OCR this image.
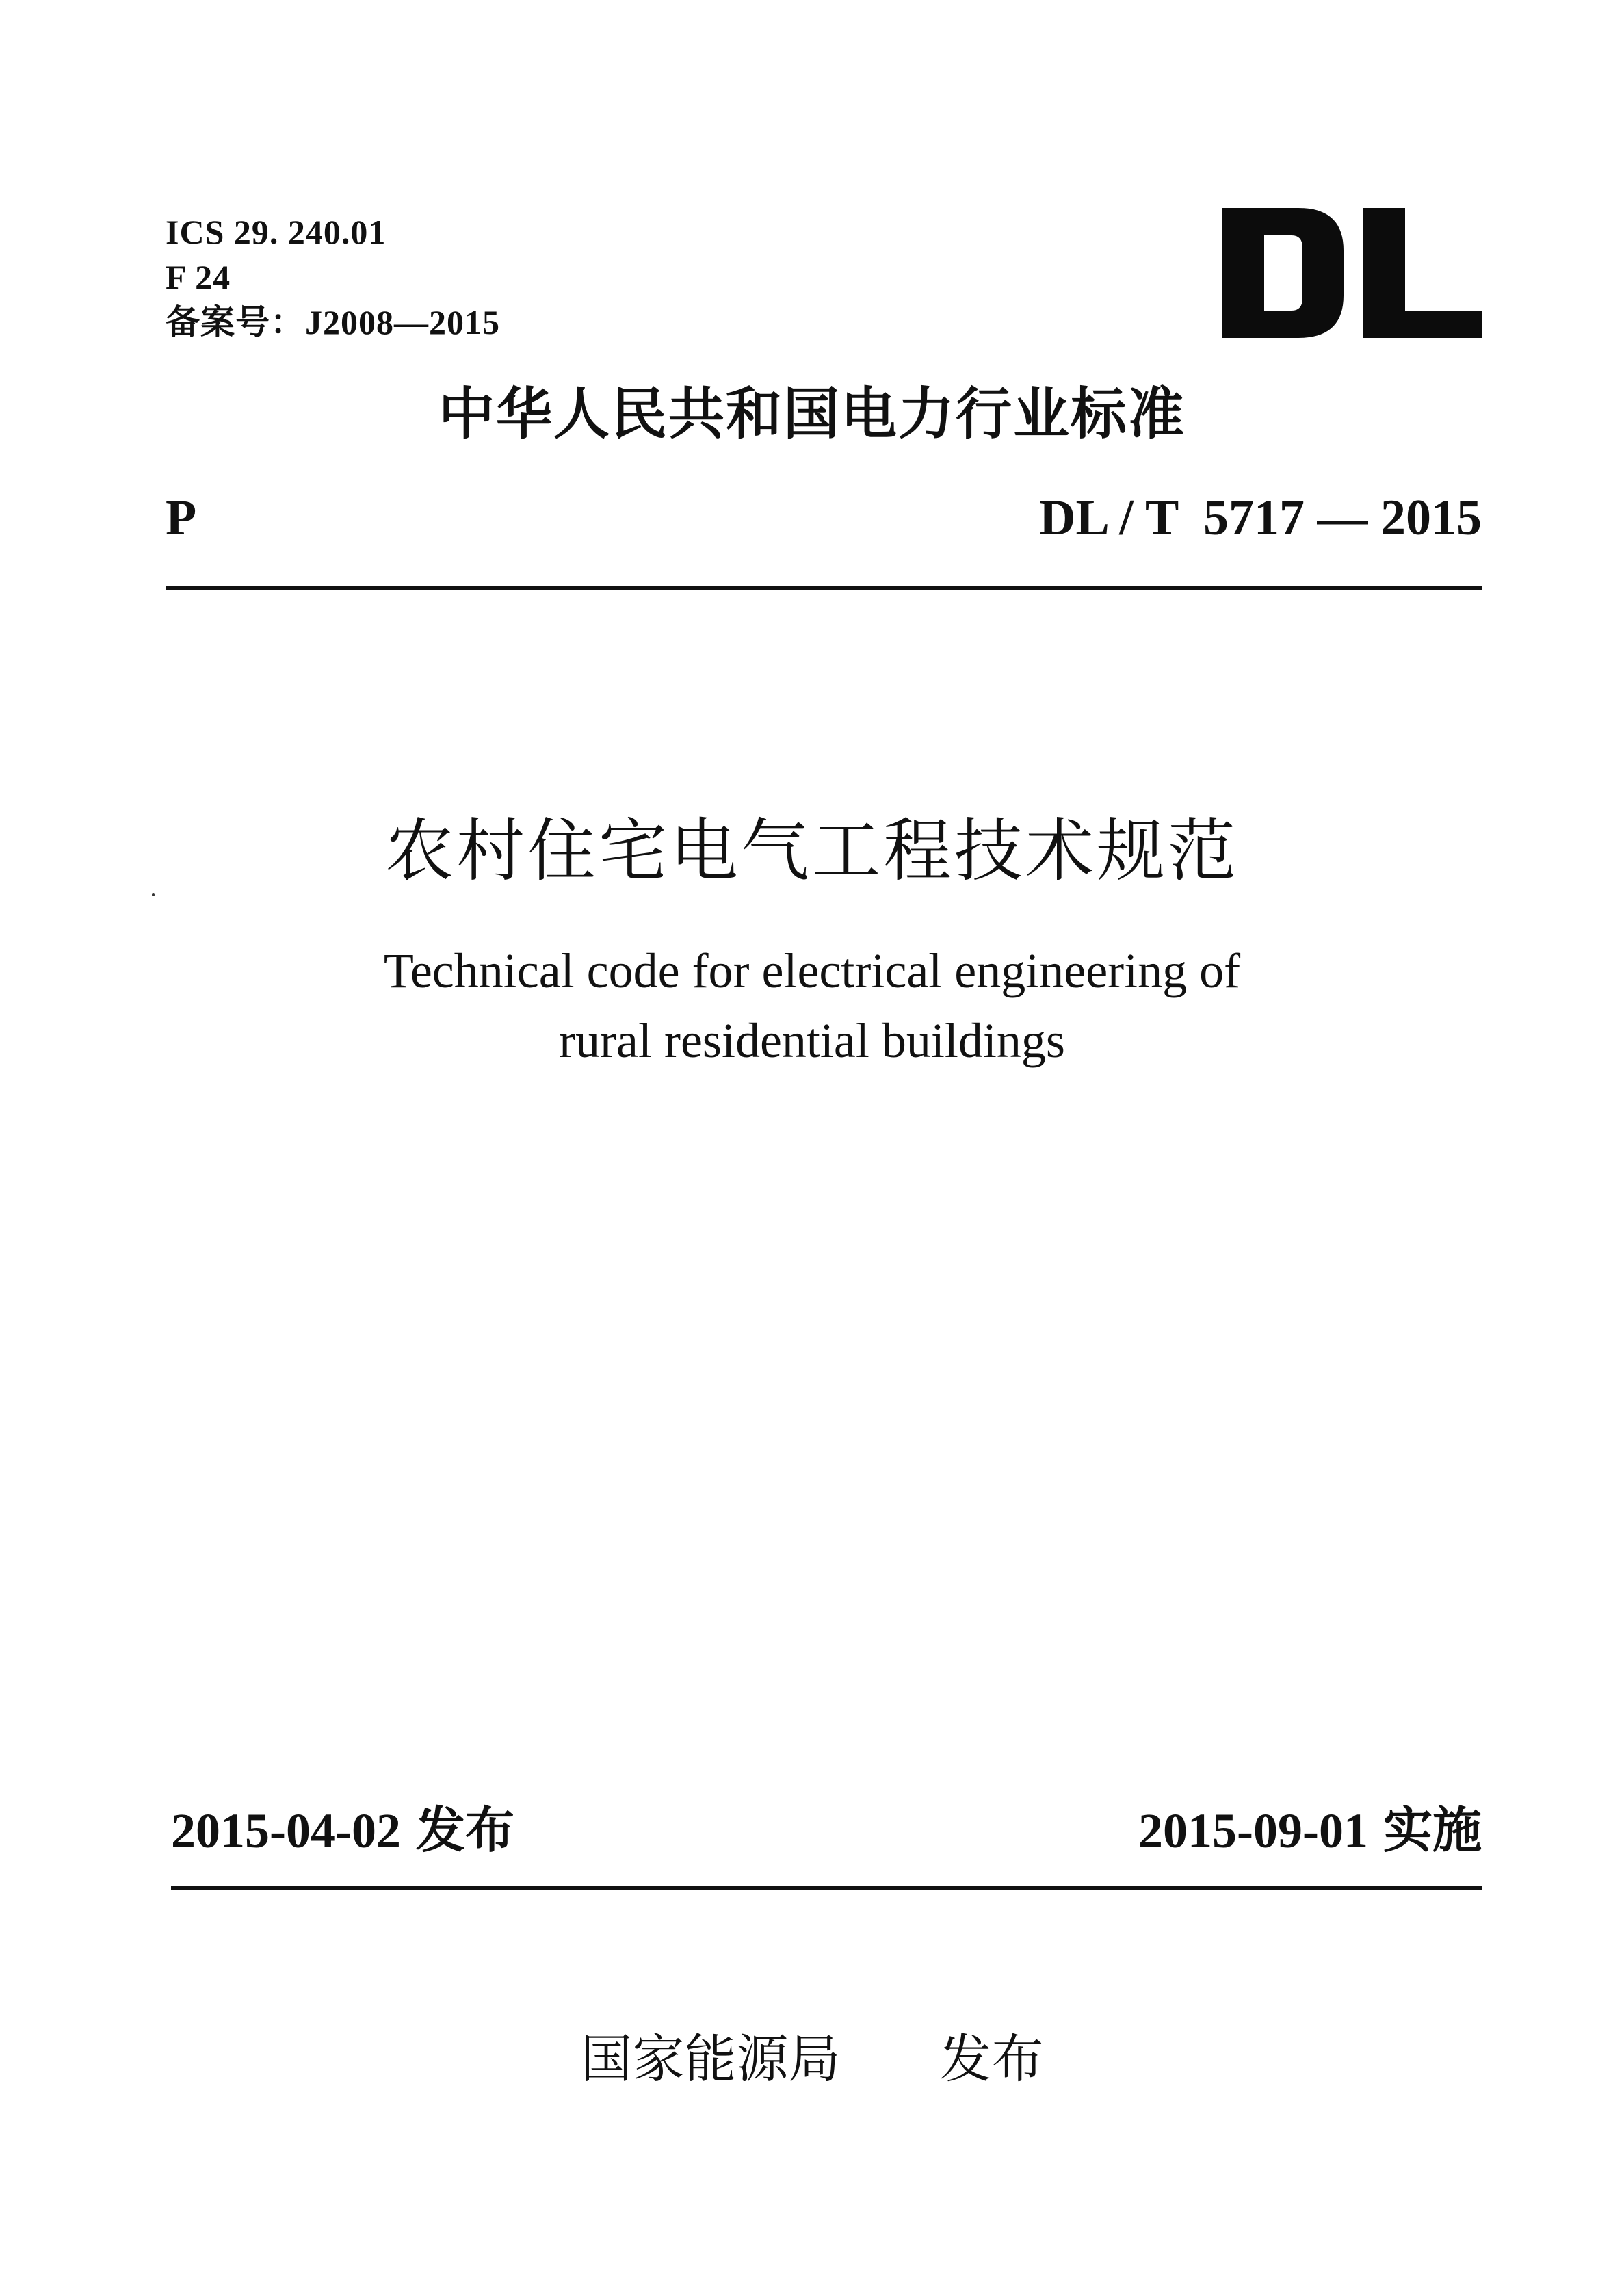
ICS 29. 240.01
F 24
备案号：J2008—2015
中华人民共和国电力行业标准
P	DL / T  5717 — 2015
农村住宅电气工程技术规范
Technical code for electrical engineering of
rural residential buildings
2015-04-02 发布	2015-09-01 实施
国家能源局 发布
